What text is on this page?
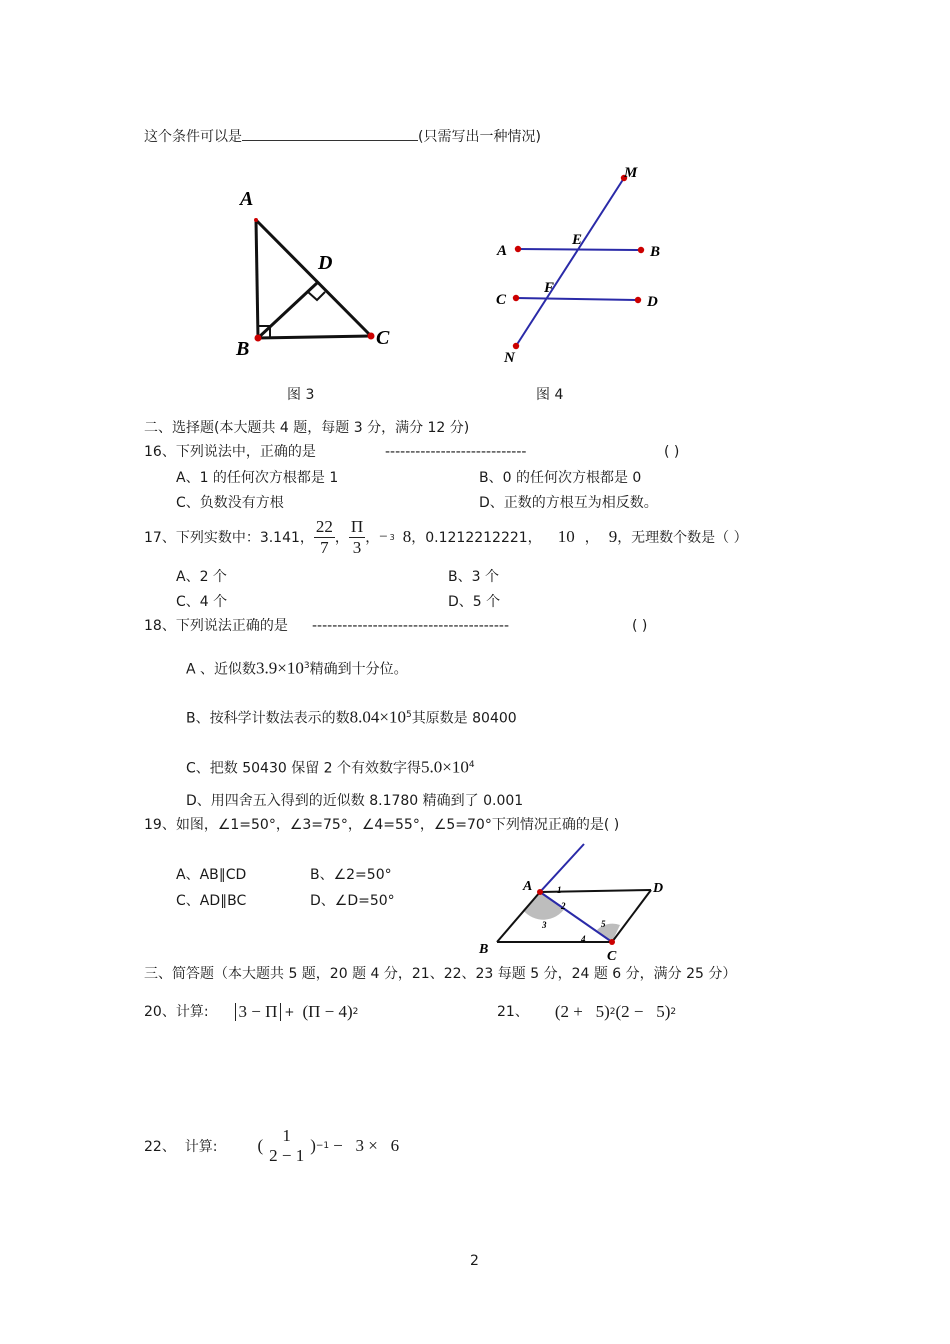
这个条件可以是	(只需写出一种情况)
A
B	C
D
图 3
M
N
A	B
C	D
E
F
图 4
二、选择题(本大题共 4 题，每题 3 分，满分 12 分)
16、下列说法中，正确的是	----------------------------	( )
A、1 的任何次方根都是 1	B、0 的任何次方根都是 0
C、负数没有方根	D、正数的方根互为相反数。
17、下列实数中：3.141， $\frac{22}{7}$ ， $\frac{\Pi}{3}$ ， − 3 8 ，0.1212212221， 10 ， 9 ，无理数个数是（ ）
A、2 个	B、3 个
C、4 个	D、5 个
18、下列说法正确的是 ---------------------------------------	( )
A 、近似数$3.9\times 10^3$精确到十分位。
B、按科学计数法表示的数$8.04\times 10^5$其原数是 80400
C、把数 50430 保留 2 个有效数字得$5.0\times 10^4$
D、用四舍五入得到的近似数 8.1780 精确到了 0.001
19、如图，∠1=50°，∠3=75°，∠4=55°，∠5=70°下列情况正确的是( )
A、AB∥CD	B、∠2=50°
C、AD∥BC	D、∠D=50°
A
B	C
D
1
2
3
4
5
三、简答题（本大题共 5 题，20 题 4 分，21、22、23 每题 5 分，24 题 6 分，满分 25 分）
20、计算: 3 − Π + (Π − 4) 2	21、 (2 +   5) 2 (2 −   5) 2
22、  计算: (
1
2 − 1
) −1 −   3 ×   6
2
